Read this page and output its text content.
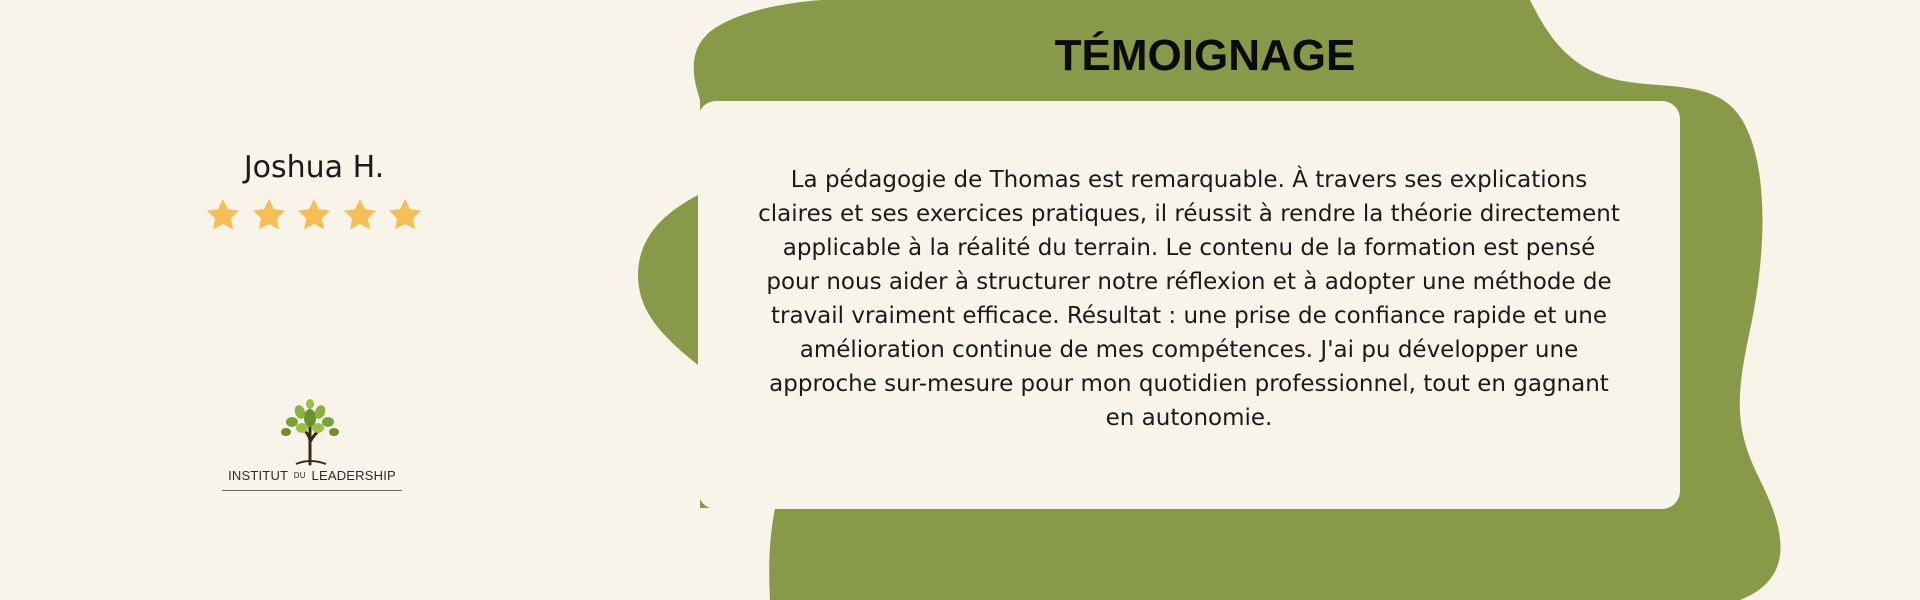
TÉMOIGNAGE

La pédagogie de Thomas est remarquable. À travers ses explications claires et ses exercices pratiques, il réussit à rendre la théorie directement applicable à la réalité du terrain. Le contenu de la formation est pensé pour nous aider à structurer notre réflexion et à adopter une méthode de travail vraiment efficace. Résultat : une prise de confiance rapide et une amélioration continue de mes compétences. J'ai pu développer une approche sur-mesure pour mon quotidien professionnel, tout en gagnant en autonomie.

Joshua H.
INSTITUT DU LEADERSHIP
